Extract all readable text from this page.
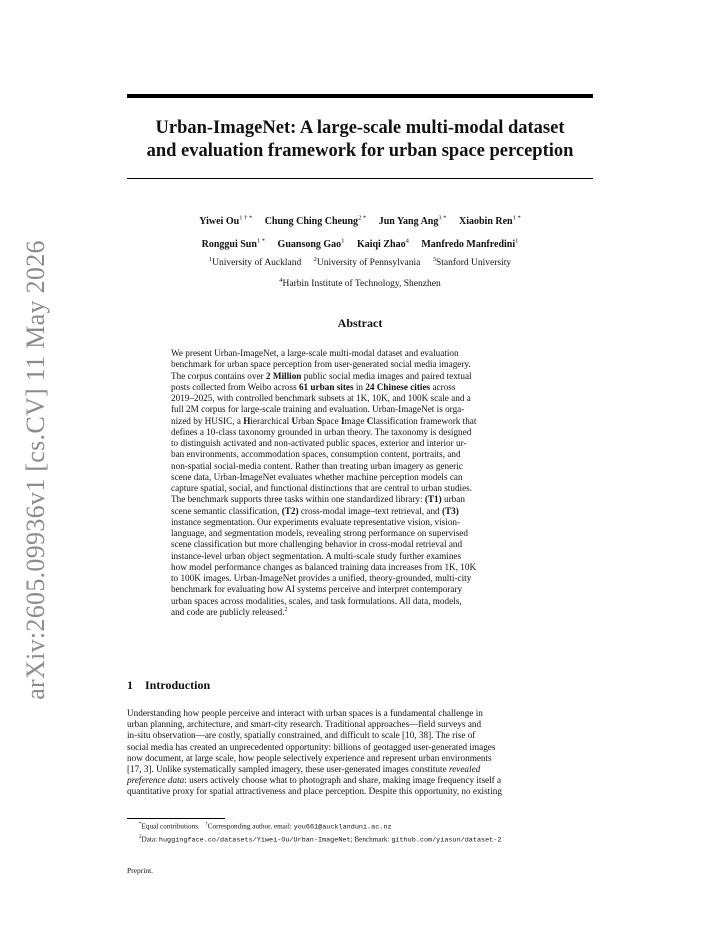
arXiv:2605.09936v1 [cs.CV] 11 May 2026
Urban-ImageNet: A large-scale multi-modal dataset
and evaluation framework for urban space perception
Yiwei $Ou^{1 \dagger *}$ Chung Ching Cheung$^{2 *}$ Jun Yang Ang$^{3 *}$ Xiaobin Ren$^{1 *}$
Ronggui Sun$^{1 *}$ Guansong Gao$^1$ Kaiqi Zhao$^4$ Manfredo Manfredini$^1$
$^1$University of Auckland $^2$University of Pennsylvania $^3$Stanford University
$^4$Harbin Institute of Technology, Shenzhen
Abstract
We present Urban-ImageNet, a large-scale multi-modal dataset and evaluation
benchmark for urban space perception from user-generated social media imagery.
The corpus contains over 2 Million public social media images and paired textual
posts collected from Weibo across 61 urban sites in 24 Chinese cities across
2019–2025, with controlled benchmark subsets at 1K, 10K, and 100K scale and a
full 2M corpus for large-scale training and evaluation. Urban-ImageNet is orga-
nized by HUSIC, a Hierarchical Urban Space Image Classification framework that
defines a 10-class taxonomy grounded in urban theory. The taxonomy is designed
to distinguish activated and non-activated public spaces, exterior and interior ur-
ban environments, accommodation spaces, consumption content, portraits, and
non-spatial social-media content. Rather than treating urban imagery as generic
scene data, Urban-ImageNet evaluates whether machine perception models can
capture spatial, social, and functional distinctions that are central to urban studies.
The benchmark supports three tasks within one standardized library: (T1) urban
scene semantic classification, (T2) cross-modal image–text retrieval, and (T3)
instance segmentation. Our experiments evaluate representative vision, vision-
language, and segmentation models, revealing strong performance on supervised
scene classification but more challenging behavior in cross-modal retrieval and
instance-level urban object segmentation. A multi-scale study further examines
how model performance changes as balanced training data increases from 1K, 10K
to 100K images. Urban-ImageNet provides a unified, theory-grounded, multi-city
benchmark for evaluating how AI systems perceive and interpret contemporary
urban spaces across modalities, scales, and task formulations. All data, models,
and code are publicly released.$^2$
1 Introduction
Understanding how people perceive and interact with urban spaces is a fundamental challenge in
urban planning, architecture, and smart-city research. Traditional approaches—field surveys and
in-situ observation—are costly, spatially constrained, and difficult to scale [10, 38]. The rise of
social media has created an unprecedented opportunity: billions of geotagged user-generated images
now document, at large scale, how people selectively experience and represent urban environments
[17, 3]. Unlike systematically sampled imagery, these user-generated images constitute revealed
preference data: users actively choose what to photograph and share, making image frequency itself a
quantitative proxy for spatial attractiveness and place perception. Despite this opportunity, no existing
*Equal contributions. †Corresponding author, email: you661@aucklanduni.ac.nz
$^2$Data: huggingface.co/datasets/Yiwei-Ou/Urban-ImageNet; Benchmark: github.com/yiasun/dataset-2
Preprint.
